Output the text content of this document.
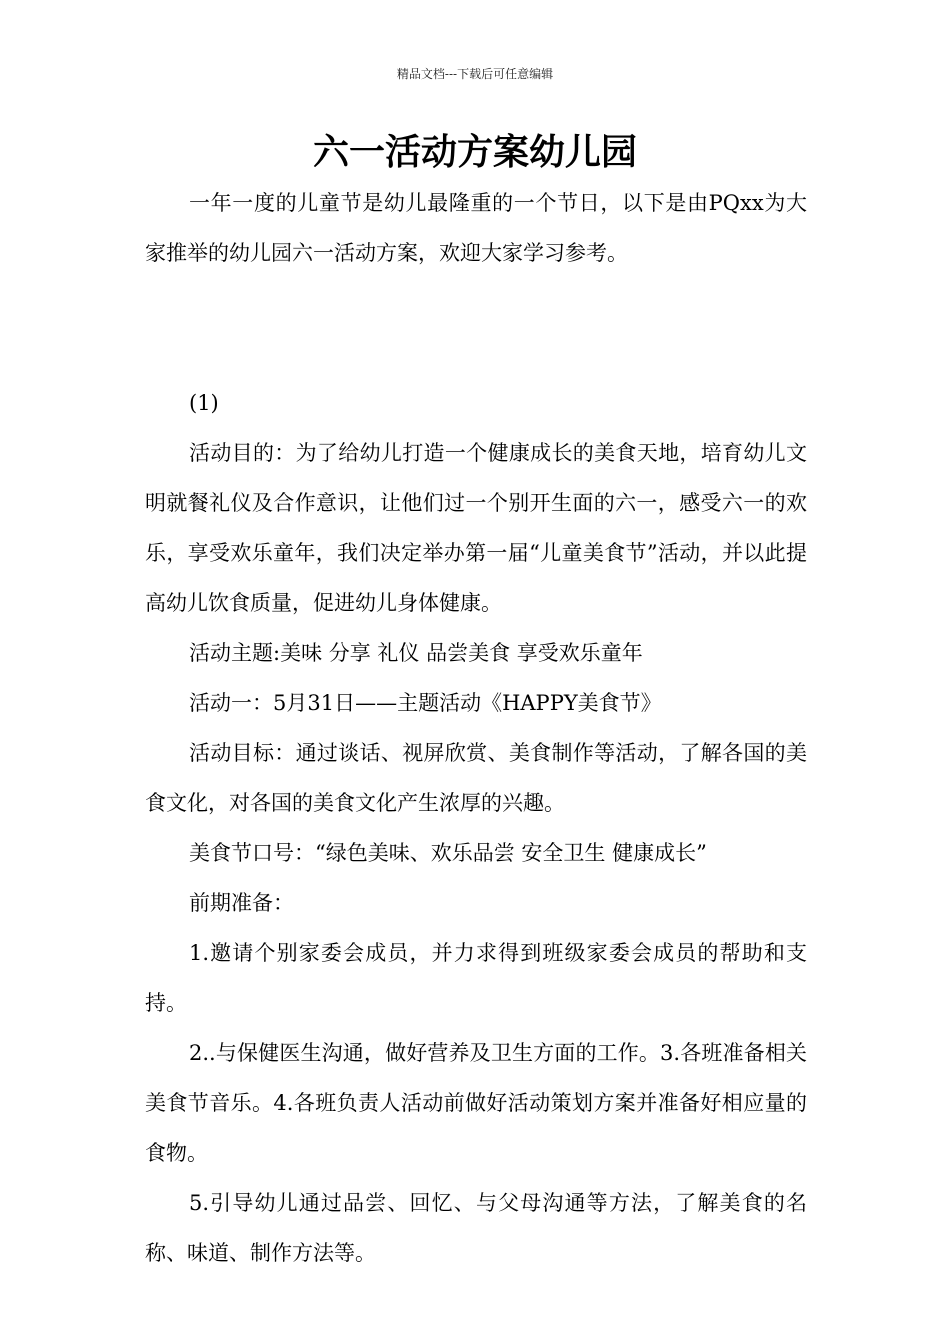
精品文档---下载后可任意编辑
六一活动方案幼儿园

一年一度的儿童节是幼儿最隆重的一个节日，以下是由PQxx为大家推举的幼儿园六一活动方案，欢迎大家学习参考。

(1)

活动目的：为了给幼儿打造一个健康成长的美食天地，培育幼儿文明就餐礼仪及合作意识，让他们过一个别开生面的六一，感受六一的欢乐，享受欢乐童年，我们决定举办第一届“儿童美食节”活动，并以此提高幼儿饮食质量，促进幼儿身体健康。

活动主题:美味 分享 礼仪 品尝美食 享受欢乐童年

活动一：5月31日——主题活动《HAPPY美食节》

活动目标：通过谈话、视屏欣赏、美食制作等活动，了解各国的美食文化，对各国的美食文化产生浓厚的兴趣。

美食节口号：“绿色美味、欢乐品尝 安全卫生 健康成长”

前期准备：

1.邀请个别家委会成员，并力求得到班级家委会成员的帮助和支持。

2..与保健医生沟通，做好营养及卫生方面的工作。3.各班准备相关美食节音乐。4.各班负责人活动前做好活动策划方案并准备好相应量的食物。

5.引导幼儿通过品尝、回忆、与父母沟通等方法，了解美食的名称、味道、制作方法等。
